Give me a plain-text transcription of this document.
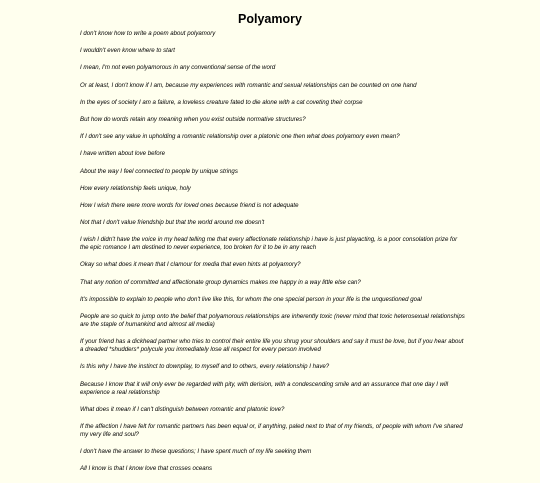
Polyamory

I don't know how to write a poem about polyamory

I wouldn't even know where to start

I mean, I'm not even polyamorous in any conventional sense of the word

Or at least, I don't know if I am, because my experiences with romantic and sexual relationships can be counted on one hand

In the eyes of society I am a failure, a loveless creature fated to die alone with a cat coveting their corpse

But how do words retain any meaning when you exist outside normative structures?

If I don't see any value in upholding a romantic relationship over a platonic one then what does polyamory even mean?

I have written about love before

About the way I feel connected to people by unique strings

How every relationship feels unique, holy

How I wish there were more words for loved ones because friend is not adequate

Not that I don't value friendship but that the world around me doesn't

I wish I didn't have the voice in my head telling me that every affectionate relationship i have is just playacting, is a poor consolation prize for the epic romance I am destined to never experience, too broken for it to be in any reach

Okay so what does it mean that I clamour for media that even hints at polyamory?

That any notion of committed and affectionate group dynamics makes me happy in a way little else can?

It's impossible to explain to people who don't live like this, for whom the one special person in your life is the unquestioned goal

People are so quick to jump onto the belief that polyamorous relationships are inherently toxic (never mind that toxic heterosexual relationships are the staple of humankind and almost all media)

If your friend has a dickhead partner who tries to control their entire life you shrug your shoulders and say it must be love, but if you hear about a dreaded *shudders* polycule you immediately lose all respect for every person involved

Is this why I have the instinct to downplay, to myself and to others, every relationship I have?

Because I know that it will only ever be regarded with pity, with derision, with a condescending smile and an assurance that one day I will experience a real relationship

What does it mean if I can't distinguish between romantic and platonic love?

If the affection I have felt for romantic partners has been equal or, if anything, paled next to that of my friends, of people with whom I've shared my very life and soul?

I don't have the answer to these questions; I have spent much of my life seeking them

All I know is that I know love that crosses oceans
